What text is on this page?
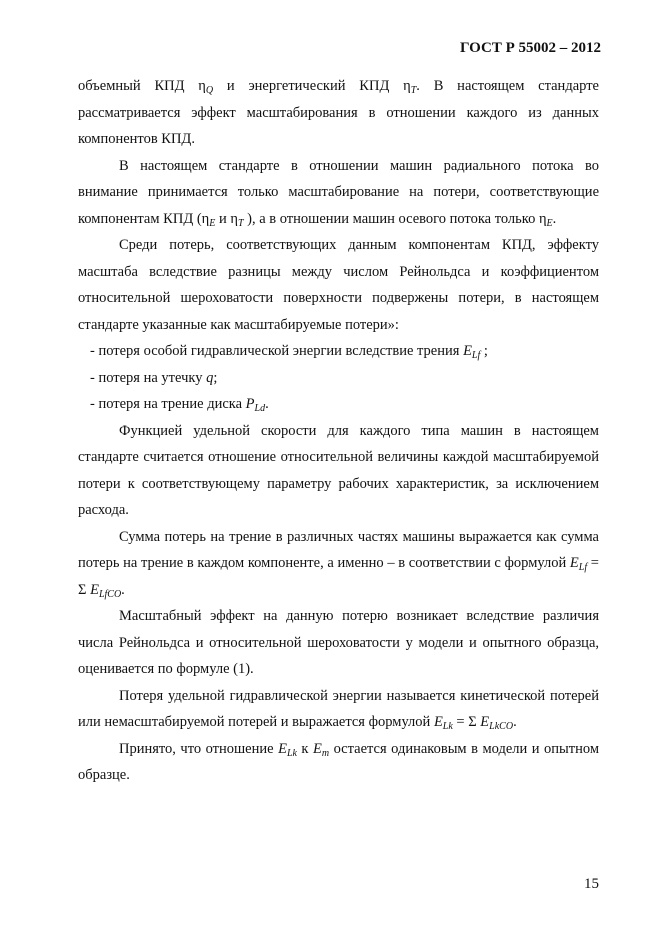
ГОСТ Р 55002 – 2012

объемный КПД $\eta_Q$ и энергетический КПД $\eta_T$. В настоящем стандарте рассматривается эффект масштабирования в отношении каждого из данных компонентов КПД.

В настоящем стандарте в отношении машин радиального потока во внимание принимается только масштабирование на потери, соответствующие компонентам КПД ($\eta_E$ и $\eta_T$ ), а в отношении машин осевого потока только $\eta_E$.

Среди потерь, соответствующих данным компонентам КПД, эффекту масштаба вследствие разницы между числом Рейнольдса и коэффициентом относительной шероховатости поверхности подвержены потери, в настоящем стандарте указанные как масштабируемые потери»:

- потеря особой гидравлической энергии вследствие трения $E_{Lf}$ ;

- потеря на утечку q;

- потеря на трение диска $P_{Ld}$.

Функцией удельной скорости для каждого типа машин в настоящем стандарте считается отношение относительной величины каждой масштабируемой потери к соответствующему параметру рабочих характеристик, за исключением расхода.

Сумма потерь на трение в различных частях машины выражается как сумма потерь на трение в каждом компоненте, а именно – в соответствии с формулой $E_{Lf} = \Sigma$ $E_{LfCO}$.

Масштабный эффект на данную потерю возникает вследствие различия числа Рейнольдса и относительной шероховатости у модели и опытного образца, оценивается по формуле (1).

Потеря удельной гидравлической энергии называется кинетической потерей или немасштабируемой потерей и выражается формулой $E_{Lk} = \Sigma$ $E_{LkCO}$.

Принято, что отношение $E_{Lk}$ к $E_m$ остается одинаковым в модели и опытном образце.

15
